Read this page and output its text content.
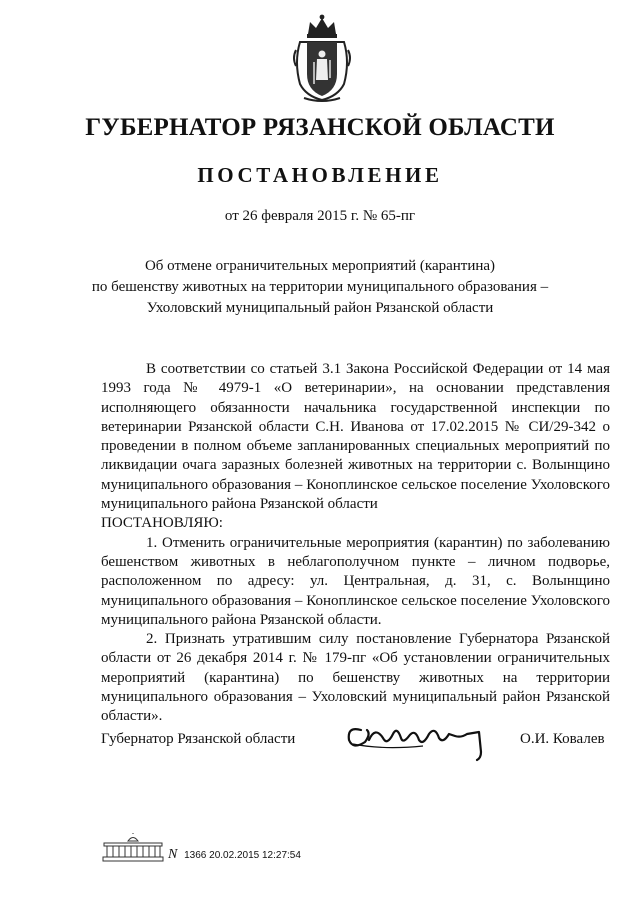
ГУБЕРНАТОР РЯЗАНСКОЙ ОБЛАСТИ
ПОСТАНОВЛЕНИЕ
от 26 февраля 2015 г. № 65-пг
Об отмене ограничительных мероприятий (карантина)
по бешенству животных на территории муниципального образования –
Ухоловский муниципальный район Рязанской области

В соответствии со статьей 3.1 Закона Российской Федерации от 14 мая 1993 года № 4979-1 «О ветеринарии», на основании представления исполняющего обязанности начальника государственной инспекции по ветеринарии Рязанской области С.Н. Иванова от 17.02.2015 № СИ/29-342 о проведении в полном объеме запланированных специальных мероприятий по ликвидации очага заразных болезней животных на территории с. Волынщино муниципального образования – Коноплинское сельское поселение Ухоловского муниципального района Рязанской области

ПОСТАНОВЛЯЮ:

1. Отменить ограничительные мероприятия (карантин) по заболеванию бешенством животных в неблагополучном пункте – личном подворье, расположенном по адресу: ул. Центральная, д. 31, с. Волынщино муниципального образования – Коноплинское сельское поселение Ухоловского муниципального района Рязанской области.

2. Признать утратившим силу постановление Губернатора Рязанской области от 26 декабря 2014 г. № 179-пг «Об установлении ограничительных мероприятий (карантина) по бешенству животных на территории муниципального образования – Ухоловский муниципальный район Рязанской области».

Губернатор Рязанской области	О.И. Ковалев
N 1366 20.02.2015 12:27:54
